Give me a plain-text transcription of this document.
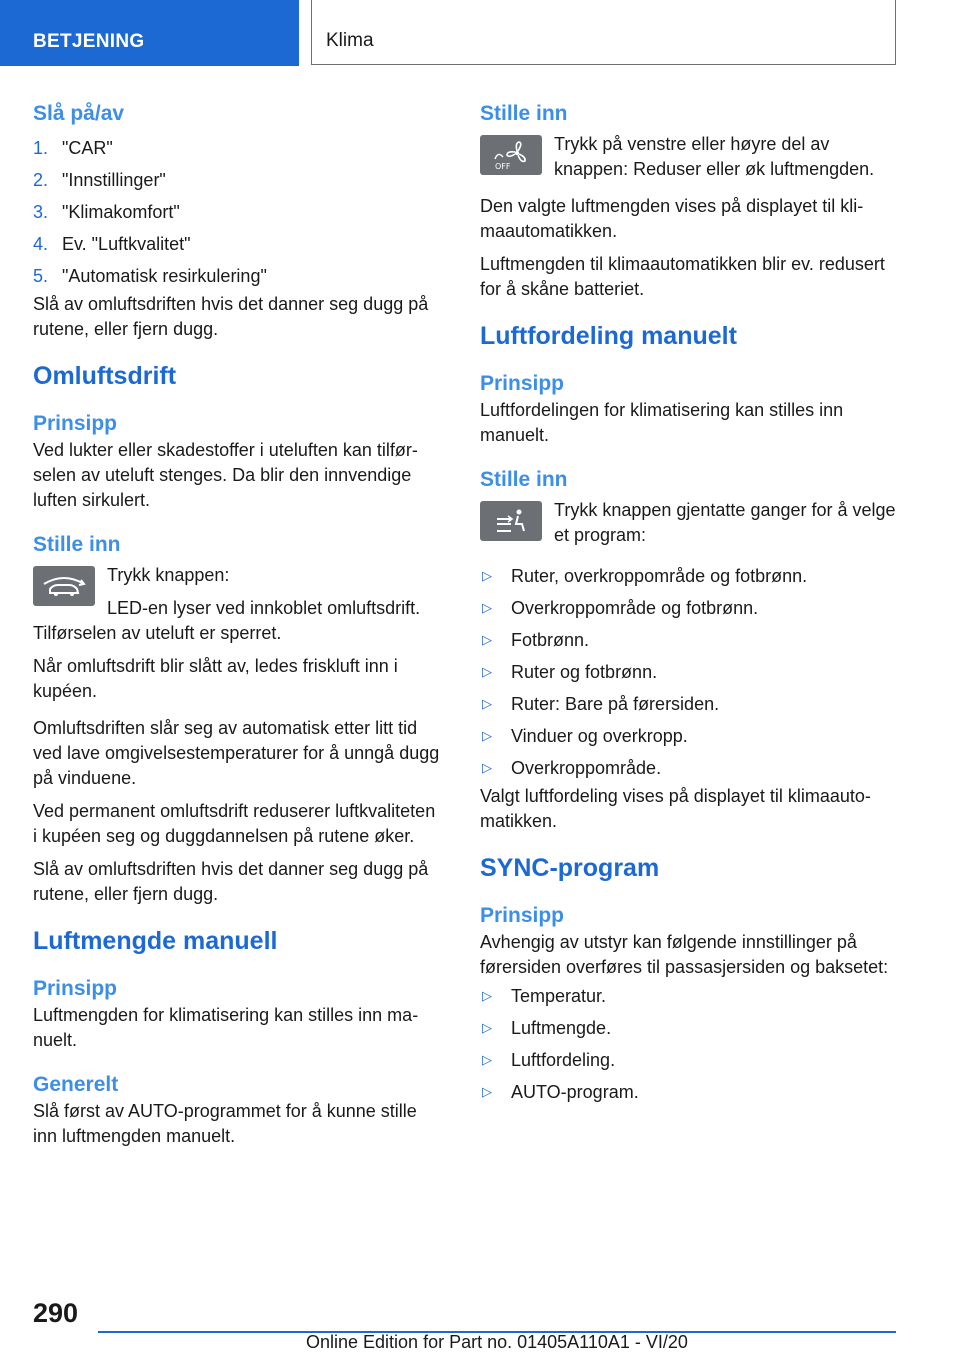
BETJENING	Klima
Slå på/av
1. "CAR"
2. "Innstillinger"
3. "Klimakomfort"
4. Ev. "Luftkvalitet"
5. "Automatisk resirkulering"

Slå av omluftsdriften hvis det danner seg dugg på rutene, eller fjern dugg.

Omluftsdrift
Prinsipp

Ved lukter eller skadestoffer i uteluften kan tilførselen av uteluft stenges. Da blir den innvendige luften sirkulert.

Stille inn

Trykk knappen:

LED-en lyser ved innkoblet omluftsdrift.

Tilførselen av uteluft er sperret.

Når omluftsdrift blir slått av, ledes friskluft inn i kupéen.

Omluftsdriften slår seg av automatisk etter litt tid ved lave omgivelsestemperaturer for å unngå dugg på vinduene.

Ved permanent omluftsdrift reduserer luftkvaliteten i kupéen seg og duggdannelsen på rutene øker.

Slå av omluftsdriften hvis det danner seg dugg på rutene, eller fjern dugg.

Luftmengde manuell
Prinsipp

Luftmengden for klimatisering kan stilles inn manuelt.

Generelt

Slå først av AUTO-programmet for å kunne stille inn luftmengden manuelt.

Stille inn
OFF

Trykk på venstre eller høyre del av knappen: Reduser eller øk luftmengden.

Den valgte luftmengden vises på displayet til klimaautomatikken.

Luftmengden til klimaautomatikken blir ev. redusert for å skåne batteriet.

Luftfordeling manuelt
Prinsipp

Luftfordelingen for klimatisering kan stilles inn manuelt.

Stille inn

Trykk knappen gjentatte ganger for å velge et program:

▷	Ruter, overkroppområde og fotbrønn.
▷	Overkroppområde og fotbrønn.
▷	Fotbrønn.
▷	Ruter og fotbrønn.
▷	Ruter: Bare på førersiden.
▷	Vinduer og overkropp.
▷	Overkroppområde.

Valgt luftfordeling vises på displayet til klimaautomatikken.

SYNC-program
Prinsipp

Avhengig av utstyr kan følgende innstillinger på førersiden overføres til passasjersiden og baksetet:

▷	Temperatur.
▷	Luftmengde.
▷	Luftfordeling.
▷	AUTO-program.
290
Online Edition for Part no. 01405A110A1 - VI/20
